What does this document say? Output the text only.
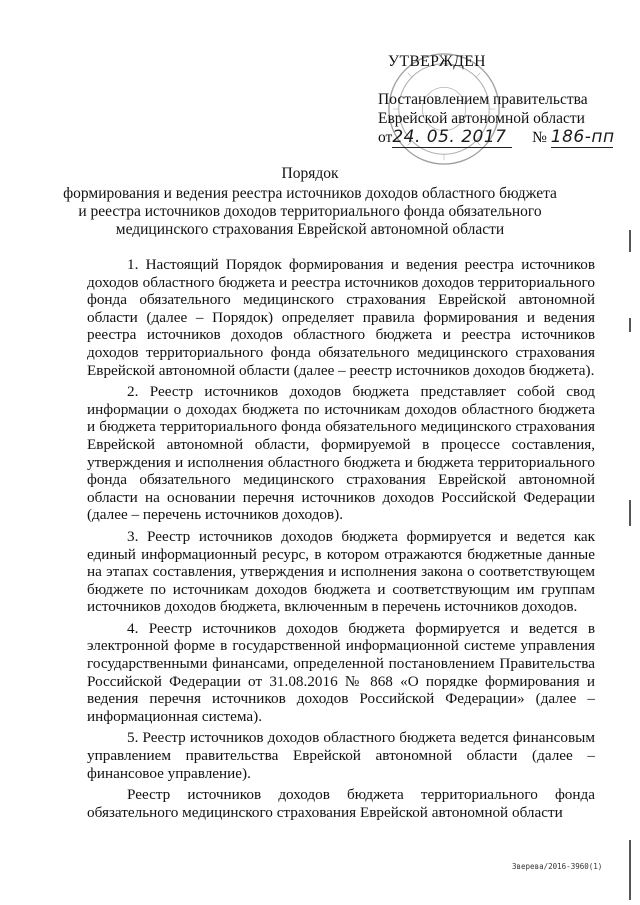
УТВЕРЖДЕН
Постановлением правительства
Еврейской автономной области
от24. 05. 2017 № 186-пп
Порядок
формирования и ведения реестра источников доходов областного бюджета и реестра источников доходов территориального фонда обязательного медицинского страхования Еврейской автономной области

1. Настоящий Порядок формирования и ведения реестра источников доходов областного бюджета и реестра источников доходов территориального фонда обязательного медицинского страхования Еврейской автономной области (далее – Порядок) определяет правила формирования и ведения реестра источников доходов областного бюджета и реестра источников доходов территориального фонда обязательного медицинского страхования Еврейской автономной области (далее – реестр источников доходов бюджета).

2. Реестр источников доходов бюджета представляет собой свод информации о доходах бюджета по источникам доходов областного бюджета и бюджета территориального фонда обязательного медицинского страхования Еврейской автономной области, формируемой в процессе составления, утверждения и исполнения областного бюджета и бюджета территориального фонда обязательного медицинского страхования Еврейской автономной области на основании перечня источников доходов Российской Федерации (далее – перечень источников доходов).

3. Реестр источников доходов бюджета формируется и ведется как единый информационный ресурс, в котором отражаются бюджетные данные на этапах составления, утверждения и исполнения закона о соответствующем бюджете по источникам доходов бюджета и соответствующим им группам источников доходов бюджета, включенным в перечень источников доходов.

4. Реестр источников доходов бюджета формируется и ведется в электронной форме в государственной информационной системе управления государственными финансами, определенной постановлением Правительства Российской Федерации от 31.08.2016 № 868 «О порядке формирования и ведения перечня источников доходов Российской Федерации» (далее – информационная система).

5. Реестр источников доходов областного бюджета ведется финансовым управлением правительства Еврейской автономной области (далее – финансовое управление).

Реестр источников доходов бюджета территориального фонда обязательного медицинского страхования Еврейской автономной области

Зверева/2016-3960(1)
